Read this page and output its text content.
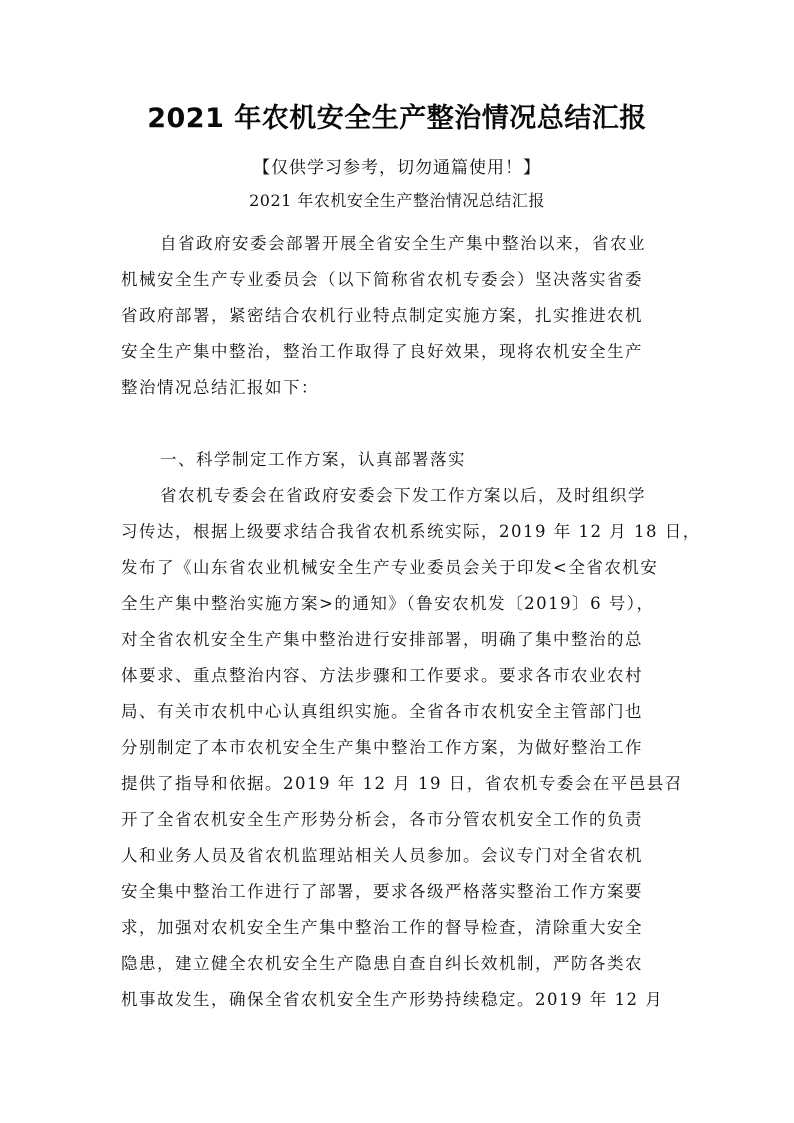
2021 年农机安全生产整治情况总结汇报
【仅供学习参考，切勿通篇使用！】
2021 年农机安全生产整治情况总结汇报
自省政府安委会部署开展全省安全生产集中整治以来，省农业
机械安全生产专业委员会（以下简称省农机专委会）坚决落实省委
省政府部署，紧密结合农机行业特点制定实施方案，扎实推进农机
安全生产集中整治，整治工作取得了良好效果，现将农机安全生产
整治情况总结汇报如下：
一、科学制定工作方案，认真部署落实
省农机专委会在省政府安委会下发工作方案以后，及时组织学
习传达，根据上级要求结合我省农机系统实际，2019 年 12 月 18 日，
发布了《山东省农业机械安全生产专业委员会关于印发<全省农机安
全生产集中整治实施方案>的通知》（鲁安农机发〔2019〕6 号），
对全省农机安全生产集中整治进行安排部署，明确了集中整治的总
体要求、重点整治内容、方法步骤和工作要求。要求各市农业农村
局、有关市农机中心认真组织实施。全省各市农机安全主管部门也
分别制定了本市农机安全生产集中整治工作方案，为做好整治工作
提供了指导和依据。2019 年 12 月 19 日，省农机专委会在平邑县召
开了全省农机安全生产形势分析会，各市分管农机安全工作的负责
人和业务人员及省农机监理站相关人员参加。会议专门对全省农机
安全集中整治工作进行了部署，要求各级严格落实整治工作方案要
求，加强对农机安全生产集中整治工作的督导检查，清除重大安全
隐患，建立健全农机安全生产隐患自查自纠长效机制，严防各类农
机事故发生，确保全省农机安全生产形势持续稳定。2019 年 12 月
